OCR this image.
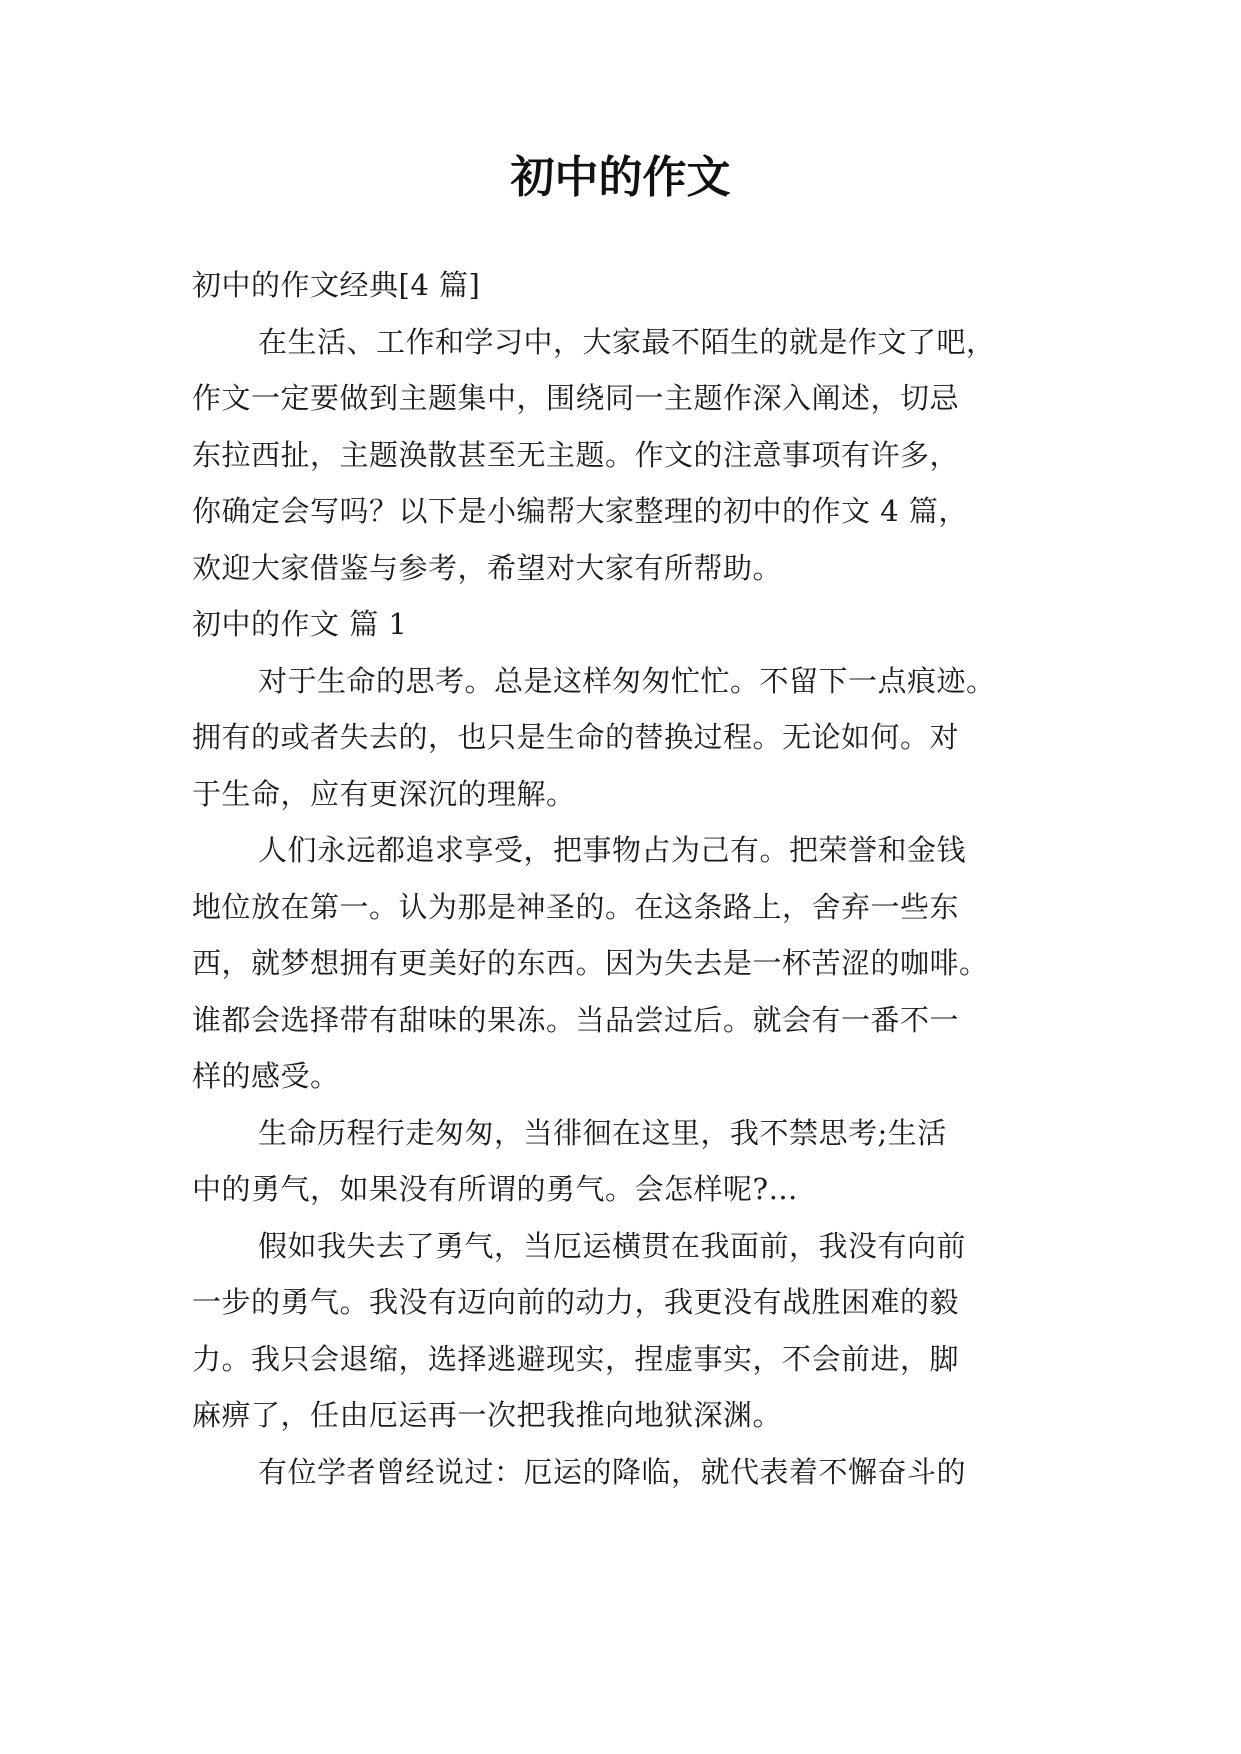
初中的作文

初中的作文经典[4 篇]

在生活、工作和学习中，大家最不陌生的就是作文了吧，

作文一定要做到主题集中，围绕同一主题作深入阐述，切忌

东拉西扯，主题涣散甚至无主题。作文的注意事项有许多，

你确定会写吗？以下是小编帮大家整理的初中的作文 4 篇，

欢迎大家借鉴与参考，希望对大家有所帮助。

初中的作文 篇 1

对于生命的思考。总是这样匆匆忙忙。不留下一点痕迹。

拥有的或者失去的，也只是生命的替换过程。无论如何。对

于生命，应有更深沉的理解。

人们永远都追求享受，把事物占为己有。把荣誉和金钱

地位放在第一。认为那是神圣的。在这条路上，舍弃一些东

西，就梦想拥有更美好的东西。因为失去是一杯苦涩的咖啡。

谁都会选择带有甜味的果冻。当品尝过后。就会有一番不一

样的感受。

生命历程行走匆匆，当徘徊在这里，我不禁思考;生活

中的勇气，如果没有所谓的勇气。会怎样呢?…

假如我失去了勇气，当厄运横贯在我面前，我没有向前

一步的勇气。我没有迈向前的动力，我更没有战胜困难的毅

力。我只会退缩，选择逃避现实，捏虚事实，不会前进，脚

麻痹了，任由厄运再一次把我推向地狱深渊。

有位学者曾经说过：厄运的降临，就代表着不懈奋斗的
